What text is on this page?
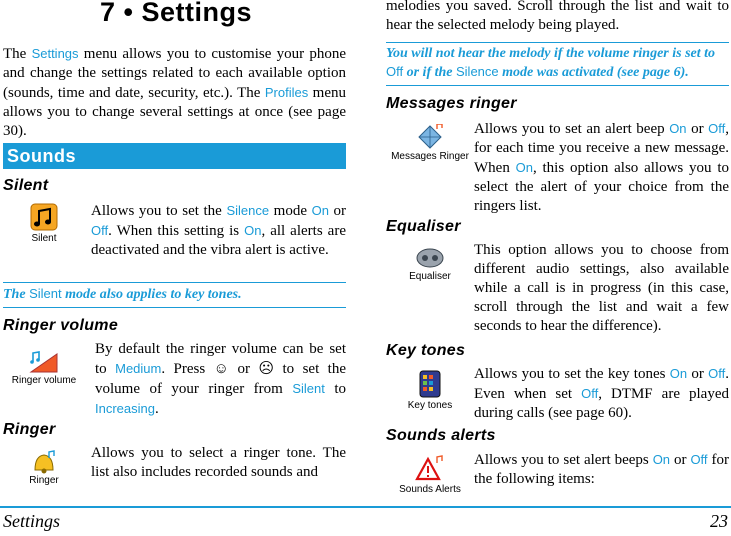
7 • Settings

The Settings menu allows you to customise your phone and change the settings related to each available option (sounds, time and date, security, etc.). The Profiles menu allows you to change several settings at once (see page 30).

Sounds
Silent
Silent

Allows you to set the Silence mode On or Off. When this setting is On, all alerts are deactivated and the vibra alert is active.

The Silent mode also applies to key tones.
Ringer volume
Ringer volume

By default the ringer volume can be set to Medium. Press ☺ or ☹ to set the volume of your ringer from Silent to Increasing.

Ringer
Ringer

Allows you to select a ringer tone. The list also includes recorded sounds and

melodies you saved. Scroll through the list and wait to hear the selected melody being played.

You will not hear the melody if the volume ringer is set to Off or if the Silence mode was activated (see page 6).
Messages ringer
Messages Ringer

Allows you to set an alert beep On or Off, for each time you receive a new message. When On, this option also allows you to select the alert of your choice from the ringers list.

Equaliser
Equaliser

This option allows you to choose from different audio settings, also available while a call is in progress (in this case, scroll through the list and wait a few seconds to hear the difference).

Key tones
Key tones

Allows you to set the key tones On or Off. Even when set Off, DTMF are played during calls (see page 60).

Sounds alerts
Sounds Alerts

Allows you to set alert beeps On or Off for the following items:

Settings	23
